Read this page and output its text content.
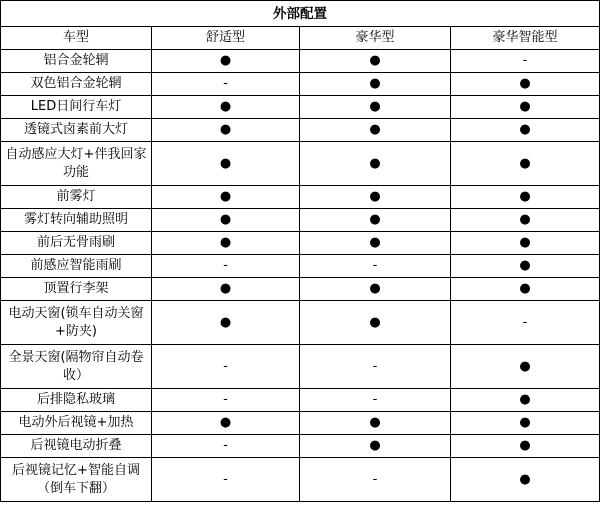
外部配置			
车型	舒适型	豪华型	豪华智能型
铝合金轮辋	●	●	-
双色铝合金轮辋	-	●	●
LED日间行车灯	●	●	●
透镜式卤素前大灯	●	●	●
自动感应大灯+伴我回家功能	●	●	●
前雾灯	●	●	●
雾灯转向辅助照明	●	●	●
前后无骨雨刷	●	●	●
前感应智能雨刷	-	-	●
顶置行李架	●	●	●
电动天窗(锁车自动关窗+防夹)	●	●	-
全景天窗(隔物帘自动卷收）	-	-	●
后排隐私玻璃	-	-	●
电动外后视镜+加热	●	●	●
后视镜电动折叠	-	●	●
后视镜记忆+智能自调（倒车下翻）	-	-	●
